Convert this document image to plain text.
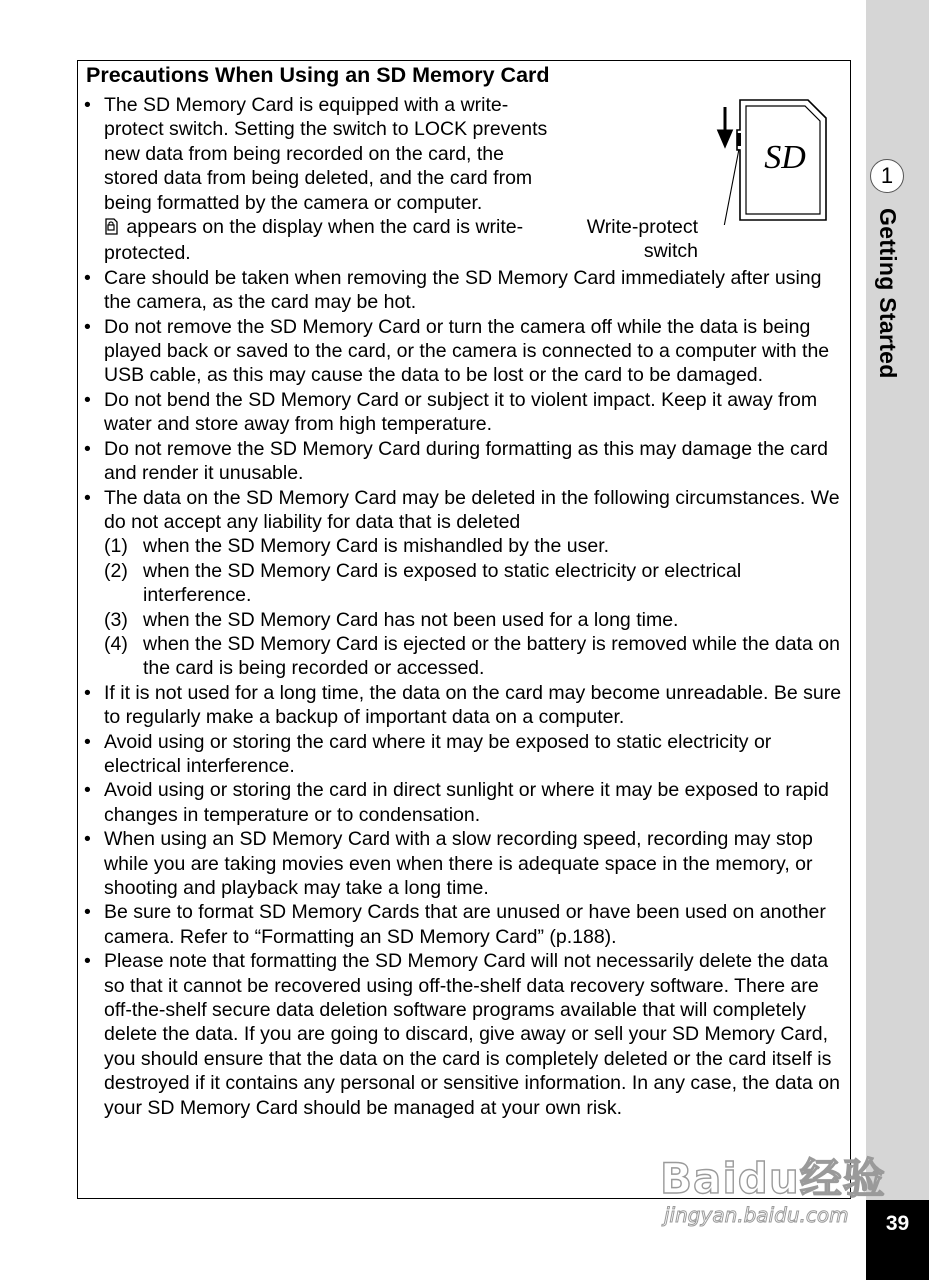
1
Getting Started
39
Precautions When Using an SD Memory Card
SD
Write-protect
switch
• The SD Memory Card is equipped with a write-protect switch. Setting the switch to LOCK prevents new data from being recorded on the card, the stored data from being deleted, and the card from being formatted by the camera or computer.
appears on the display when the card is write-protected.
• Care should be taken when removing the SD Memory Card immediately after using the camera, as the card may be hot.
• Do not remove the SD Memory Card or turn the camera off while the data is being played back or saved to the card, or the camera is connected to a computer with the USB cable, as this may cause the data to be lost or the card to be damaged.
• Do not bend the SD Memory Card or subject it to violent impact. Keep it away from water and store away from high temperature.
• Do not remove the SD Memory Card during formatting as this may damage the card and render it unusable.
• The data on the SD Memory Card may be deleted in the following circumstances. We do not accept any liability for data that is deleted
(1) when the SD Memory Card is mishandled by the user.
(2) when the SD Memory Card is exposed to static electricity or electrical interference.
(3) when the SD Memory Card has not been used for a long time.
(4) when the SD Memory Card is ejected or the battery is removed while the data on the card is being recorded or accessed.
• If it is not used for a long time, the data on the card may become unreadable. Be sure to regularly make a backup of important data on a computer.
• Avoid using or storing the card where it may be exposed to static electricity or electrical interference.
• Avoid using or storing the card in direct sunlight or where it may be exposed to rapid changes in temperature or to condensation.
• When using an SD Memory Card with a slow recording speed, recording may stop while you are taking movies even when there is adequate space in the memory, or shooting and playback may take a long time.
• Be sure to format SD Memory Cards that are unused or have been used on another camera. Refer to “Formatting an SD Memory Card” (p.188).
• Please note that formatting the SD Memory Card will not necessarily delete the data so that it cannot be recovered using off-the-shelf data recovery software. There are off-the-shelf secure data deletion software programs available that will completely delete the data. If you are going to discard, give away or sell your SD Memory Card, you should ensure that the data on the card is completely deleted or the card itself is destroyed if it contains any personal or sensitive information. In any case, the data on your SD Memory Card should be managed at your own risk.
Baidu经验
jingyan.baidu.com
